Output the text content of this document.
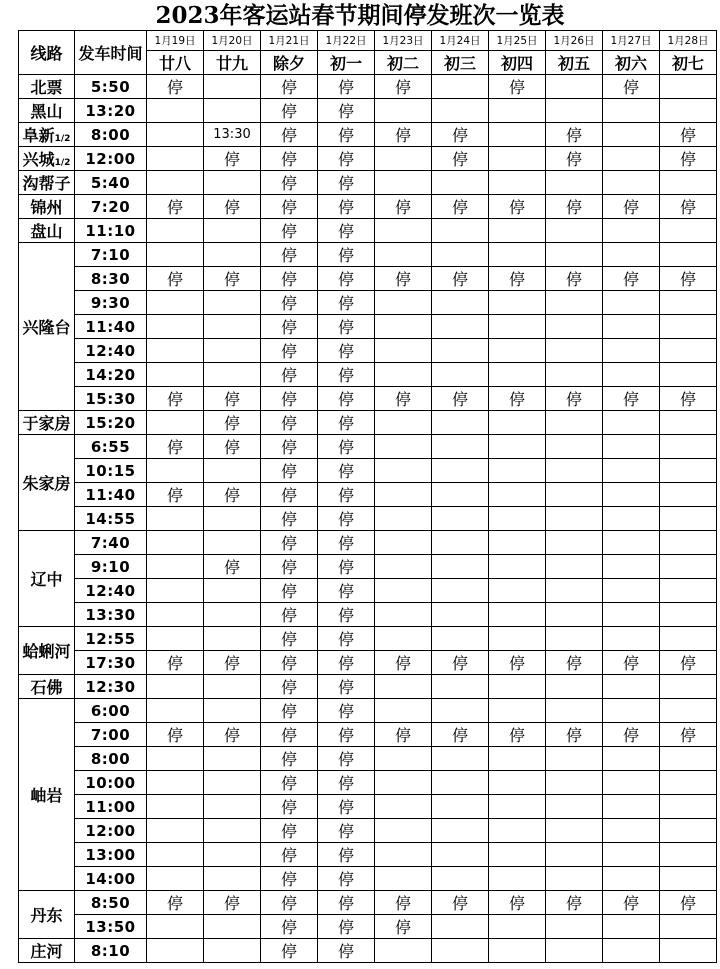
2023年客运站春节期间停发班次一览表
线路	发车时间	1月19日	1月20日	1月21日	1月22日	1月23日	1月24日	1月25日	1月26日	1月27日	1月28日
		廿八	廿九	除夕	初一	初二	初三	初四	初五	初六	初七
北票	5:50	停		停	停	停		停		停	
黑山	13:20			停	停						
阜新1/2	8:00		13:30	停	停	停	停		停		停
兴城1/2	12:00		停	停	停		停		停		停
沟帮子	5:40			停	停						
锦州	7:20	停	停	停	停	停	停	停	停	停	停
盘山	11:10			停	停						
兴隆台	7:10			停	停						
	8:30	停	停	停	停	停	停	停	停	停	停
	9:30			停	停						
	11:40			停	停						
	12:40			停	停						
	14:20			停	停						
	15:30	停	停	停	停	停	停	停	停	停	停
于家房	15:20		停	停	停						
朱家房	6:55	停	停	停	停						
	10:15			停	停						
	11:40	停	停	停	停						
	14:55			停	停						
辽中	7:40			停	停						
	9:10		停	停	停						
	12:40			停	停						
	13:30			停	停						
蛤蜊河	12:55			停	停						
	17:30	停	停	停	停	停	停	停	停	停	停
石佛	12:30			停	停						
岫岩	6:00			停	停						
	7:00	停	停	停	停	停	停	停	停	停	停
	8:00			停	停						
	10:00			停	停						
	11:00			停	停						
	12:00			停	停						
	13:00			停	停						
	14:00			停	停						
丹东	8:50	停	停	停	停	停	停	停	停	停	停
	13:50			停	停	停					
庄河	8:10			停	停						
